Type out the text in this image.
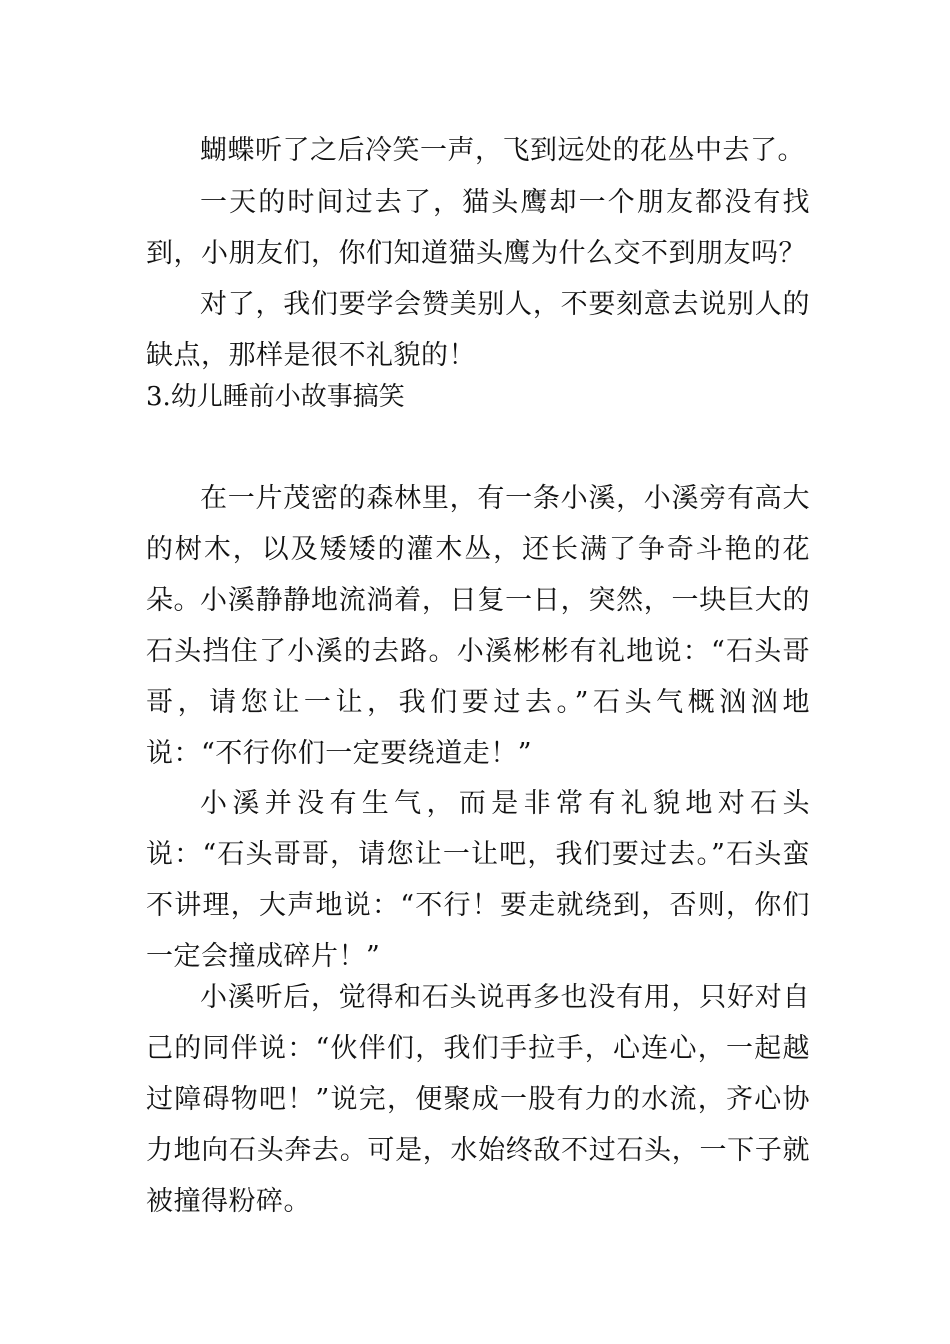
蝴蝶听了之后冷笑一声，飞到远处的花丛中去了。

一天的时间过去了，猫头鹰却一个朋友都没有找到，小朋友们，你们知道猫头鹰为什么交不到朋友吗？

对了，我们要学会赞美别人，不要刻意去说别人的缺点，那样是很不礼貌的！

3.幼儿睡前小故事搞笑

在一片茂密的森林里，有一条小溪，小溪旁有高大的树木，以及矮矮的灌木丛，还长满了争奇斗艳的花朵。 小溪静静地流淌着，日复一日，突然，一块巨大的石头挡住了小溪的去路。小溪彬彬有礼地说：“石头哥哥，请您让一让，我们要过去。”石头气概汹汹地说：“不行你们一定要绕道走！”

小溪并没有生气，而是非常有礼貌地对石头说：“石头哥哥，请您让一让吧，我们要过去。”石头蛮不讲理，大声地说：“不行！要走就绕到，否则，你们一定会撞成碎片！”

小溪听后，觉得和石头说再多也没有用，只好对自己的同伴说：“伙伴们，我们手拉手，心连心，一起越过障碍物吧！”说完，便聚成一股有力的水流，齐心协力地向石头奔去。可是，水始终敌不过石头，一下子就被撞得粉碎。
